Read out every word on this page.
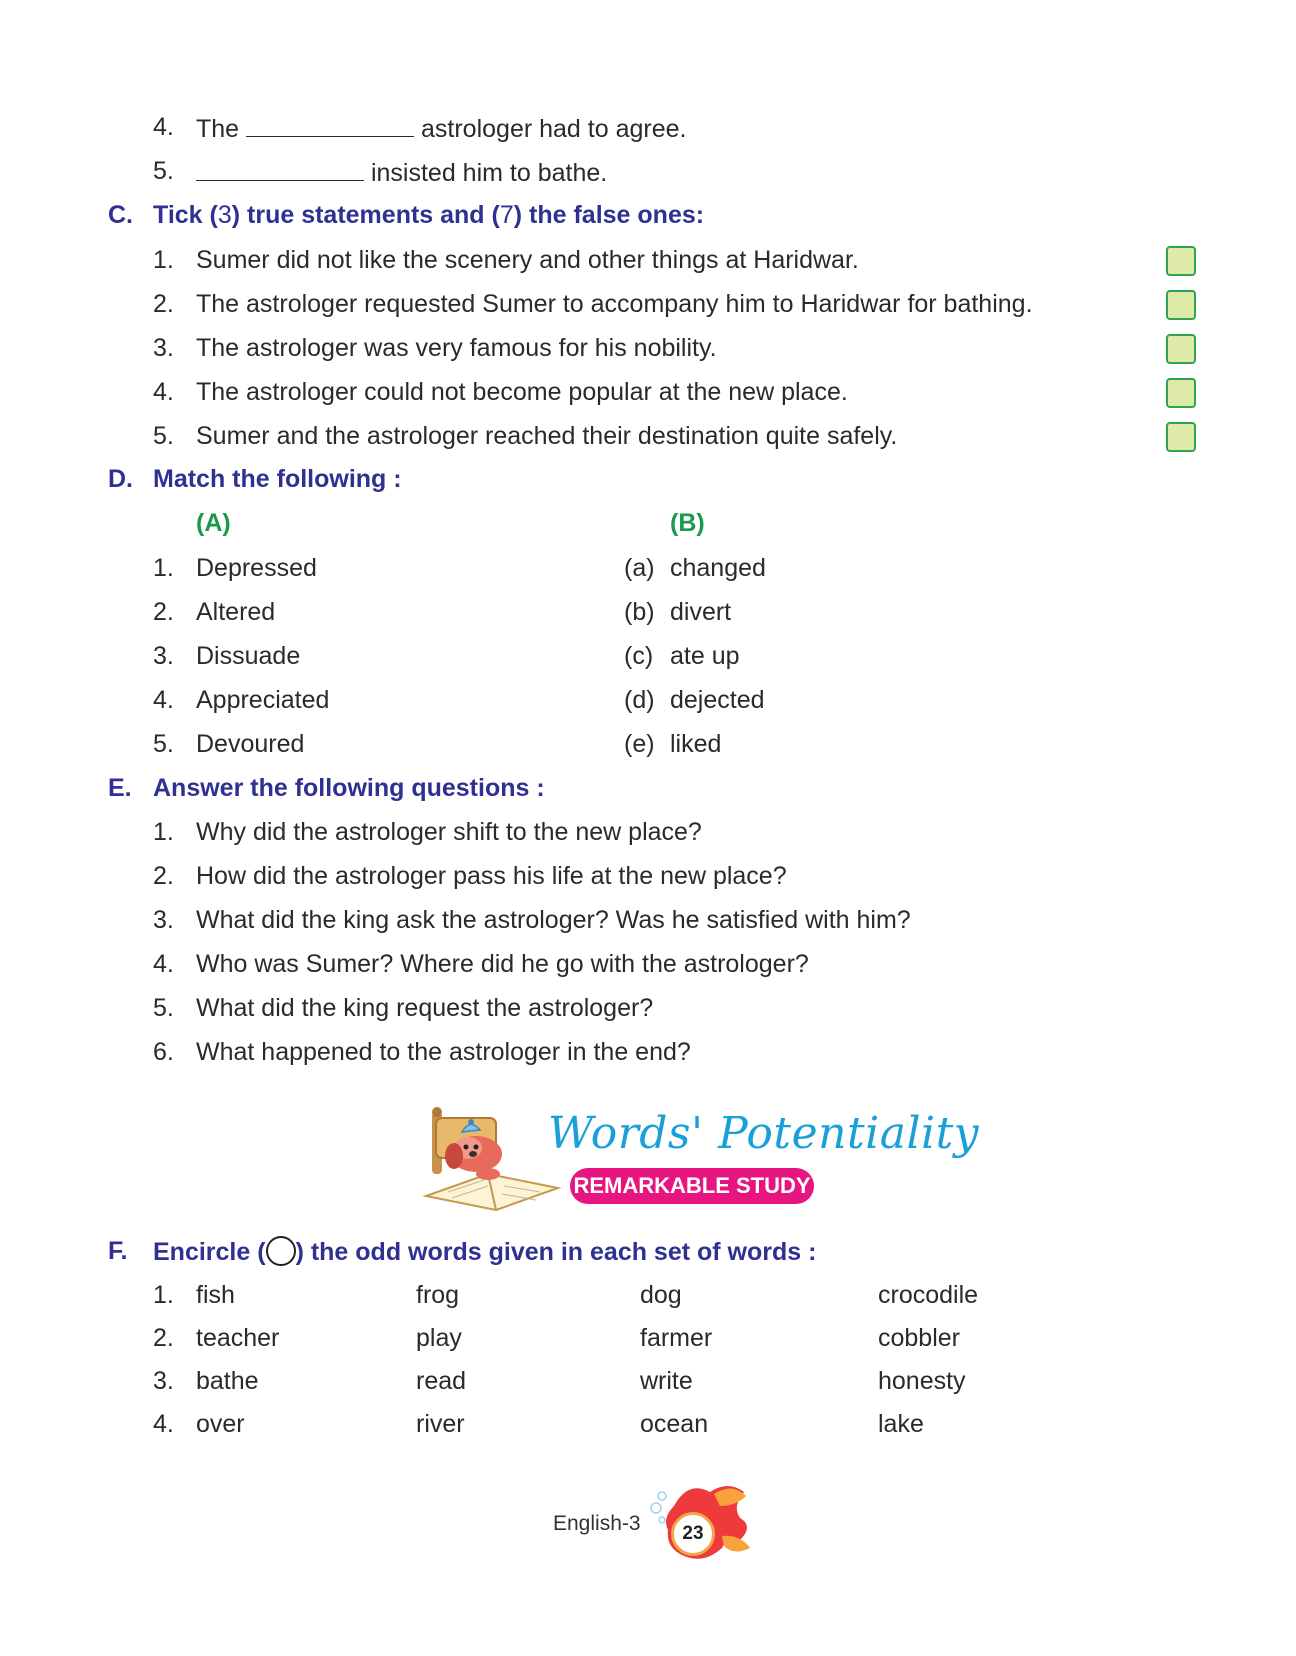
4. The	astrologer had to agree.
5.	insisted him to bathe.
C. Tick (3) true statements and (7) the false ones:
1. Sumer did not like the scenery and other things at Haridwar.
2. The astrologer requested Sumer to accompany him to Haridwar for bathing.
3. The astrologer was very famous for his nobility.
4. The astrologer could not become popular at the new place.
5. Sumer and the astrologer reached their destination quite safely.
D. Match the following :
(A)	(B)
1. Depressed	(a) changed
2. Altered	(b) divert
3. Dissuade	(c) ate up
4. Appreciated	(d) dejected
5. Devoured	(e) liked
E. Answer the following questions :
1. Why did the astrologer shift to the new place?
2. How did the astrologer pass his life at the new place?
3. What did the king ask the astrologer? Was he satisfied with him?
4. Who was Sumer? Where did he go with the astrologer?
5. What did the king request the astrologer?
6. What happened to the astrologer in the end?
Words' Potentiality
REMARKABLE STUDY
F. Encircle ( ) the odd words given in each set of words :
1. fish	frog	dog	crocodile
2. teacher	play	farmer	cobbler
3. bathe	read	write	honesty
4. over	river	ocean	lake
English-3	23
